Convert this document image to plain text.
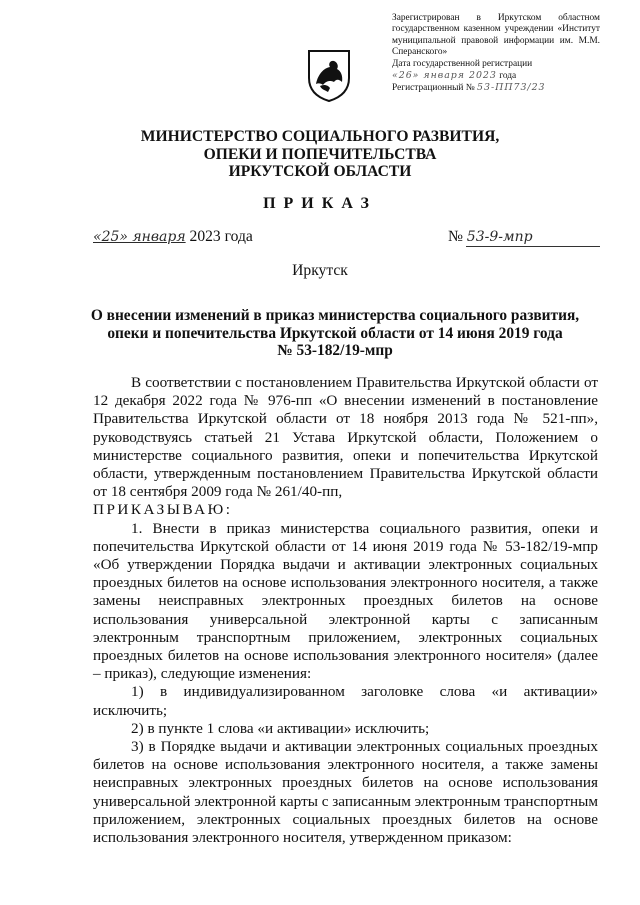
Зарегистрирован в Иркутском областном государственном казенном учреждении «Институт муниципальной правовой информации им. М.М. Сперанского»
Дата государственной регистрации
«26» января 2023 года
Регистрационный № 53-ПП73/23
МИНИСТЕРСТВО СОЦИАЛЬНОГО РАЗВИТИЯ,
ОПЕКИ И ПОПЕЧИТЕЛЬСТВА
ИРКУТСКОЙ ОБЛАСТИ
ПРИКАЗ
«25» января 2023 года	№ 53-9-мпр
Иркутск
О внесении изменений в приказ министерства социального развития,
опеки и попечительства Иркутской области от 14 июня 2019 года
№ 53-182/19-мпр

В соответствии с постановлением Правительства Иркутской области от 12 декабря 2022 года № 976-пп «О внесении изменений в постановление Правительства Иркутской области от 18 ноября 2013 года № 521-пп», руководствуясь статьей 21 Устава Иркутской области, Положением о министерстве социального развития, опеки и попечительства Иркутской области, утвержденным постановлением Правительства Иркутской области от 18 сентября 2009 года № 261/40-пп,

ПРИКАЗЫВАЮ:

1. Внести в приказ министерства социального развития, опеки и попечительства Иркутской области от 14 июня 2019 года № 53-182/19-мпр «Об утверждении Порядка выдачи и активации электронных социальных проездных билетов на основе использования электронного носителя, а также замены неисправных электронных проездных билетов на основе использования универсальной электронной карты с записанным электронным транспортным приложением, электронных социальных проездных билетов на основе использования электронного носителя» (далее – приказ), следующие изменения:

1) в индивидуализированном заголовке слова «и активации» исключить;

2) в пункте 1 слова «и активации» исключить;

3) в Порядке выдачи и активации электронных социальных проездных билетов на основе использования электронного носителя, а также замены неисправных электронных проездных билетов на основе использования универсальной электронной карты с записанным электронным транспортным приложением, электронных социальных проездных билетов на основе использования электронного носителя, утвержденном приказом:
